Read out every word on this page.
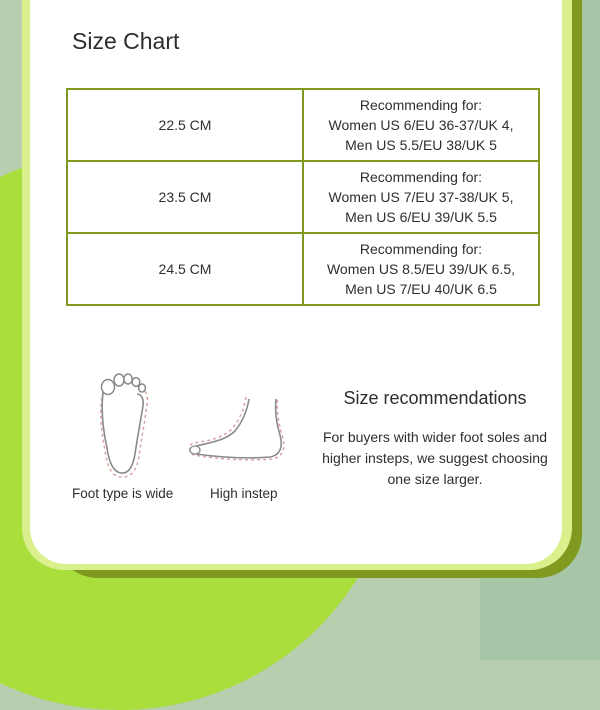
Size Chart
22.5 CM	Recommending for:
Women US 6/EU 36-37/UK 4,
Men US 5.5/EU 38/UK 5

23.5 CM	Recommending for:
Women US 7/EU 37-38/UK 5,
Men US 6/EU 39/UK 5.5

24.5 CM	Recommending for:
Women US 8.5/EU 39/UK 6.5,
Men US 7/EU 40/UK 6.5
Foot type is wide	High instep
Size recommendations
For buyers with wider foot soles and higher insteps, we suggest choosing one size larger.
